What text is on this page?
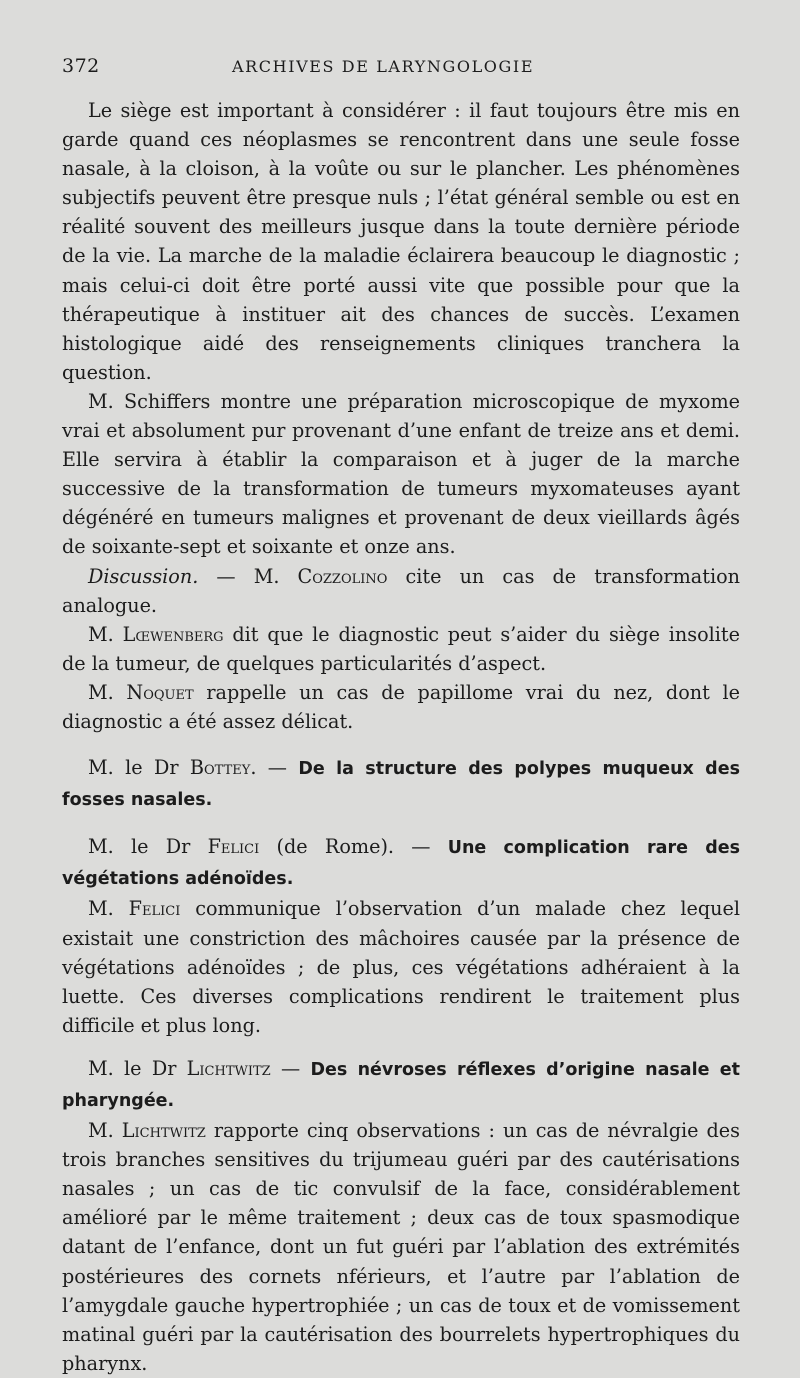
372	ARCHIVES DE LARYNGOLOGIE

Le siège est important à considérer : il faut toujours être mis en garde quand ces néoplasmes se rencontrent dans une seule fosse nasale, à la cloison, à la voûte ou sur le plancher. Les phénomènes subjectifs peuvent être presque nuls ; l’état général semble ou est en réalité souvent des meilleurs jusque dans la toute dernière période de la vie. La marche de la maladie éclairera beaucoup le diagnostic ; mais celui-ci doit être porté aussi vite que possible pour que la thérapeutique à instituer ait des chances de succès. L’examen histologique aidé des renseignements cliniques tranchera la question.

M. Schiffers montre une préparation microscopique de myxome vrai et absolument pur provenant d’une enfant de treize ans et demi. Elle servira à établir la comparaison et à juger de la marche successive de la transformation de tumeurs myxomateuses ayant dégénéré en tumeurs malignes et provenant de deux vieillards âgés de soixante-sept et soixante et onze ans.

Discussion. — M. Cozzolino cite un cas de transformation analogue.

M. Lœwenberg dit que le diagnostic peut s’aider du siège insolite de la tumeur, de quelques particularités d’aspect.

M. Noquet rappelle un cas de papillome vrai du nez, dont le diagnostic a été assez délicat.

M. le Dr Bottey. — De la structure des polypes muqueux des fosses nasales.

M. le Dr Felici (de Rome). — Une complication rare des végétations adénoïdes.

M. Felici communique l’observation d’un malade chez lequel existait une constriction des mâchoires causée par la présence de végétations adénoïdes ; de plus, ces végétations adhéraient à la luette. Ces diverses complications rendirent le traitement plus difficile et plus long.

M. le Dr Lichtwitz — Des névroses réflexes d’origine nasale et pharyngée.

M. Lichtwitz rapporte cinq observations : un cas de névralgie des trois branches sensitives du trijumeau guéri par des cautérisations nasales ; un cas de tic convulsif de la face, considérablement amélioré par le même traitement ; deux cas de toux spasmodique datant de l’enfance, dont un fut guéri par l’ablation des extrémités postérieures des cornets nférieurs, et l’autre par l’ablation de l’amygdale gauche hypertrophiée ; un cas de toux et de vomissement matinal guéri par la cautérisation des bourrelets hypertrophiques du pharynx.
